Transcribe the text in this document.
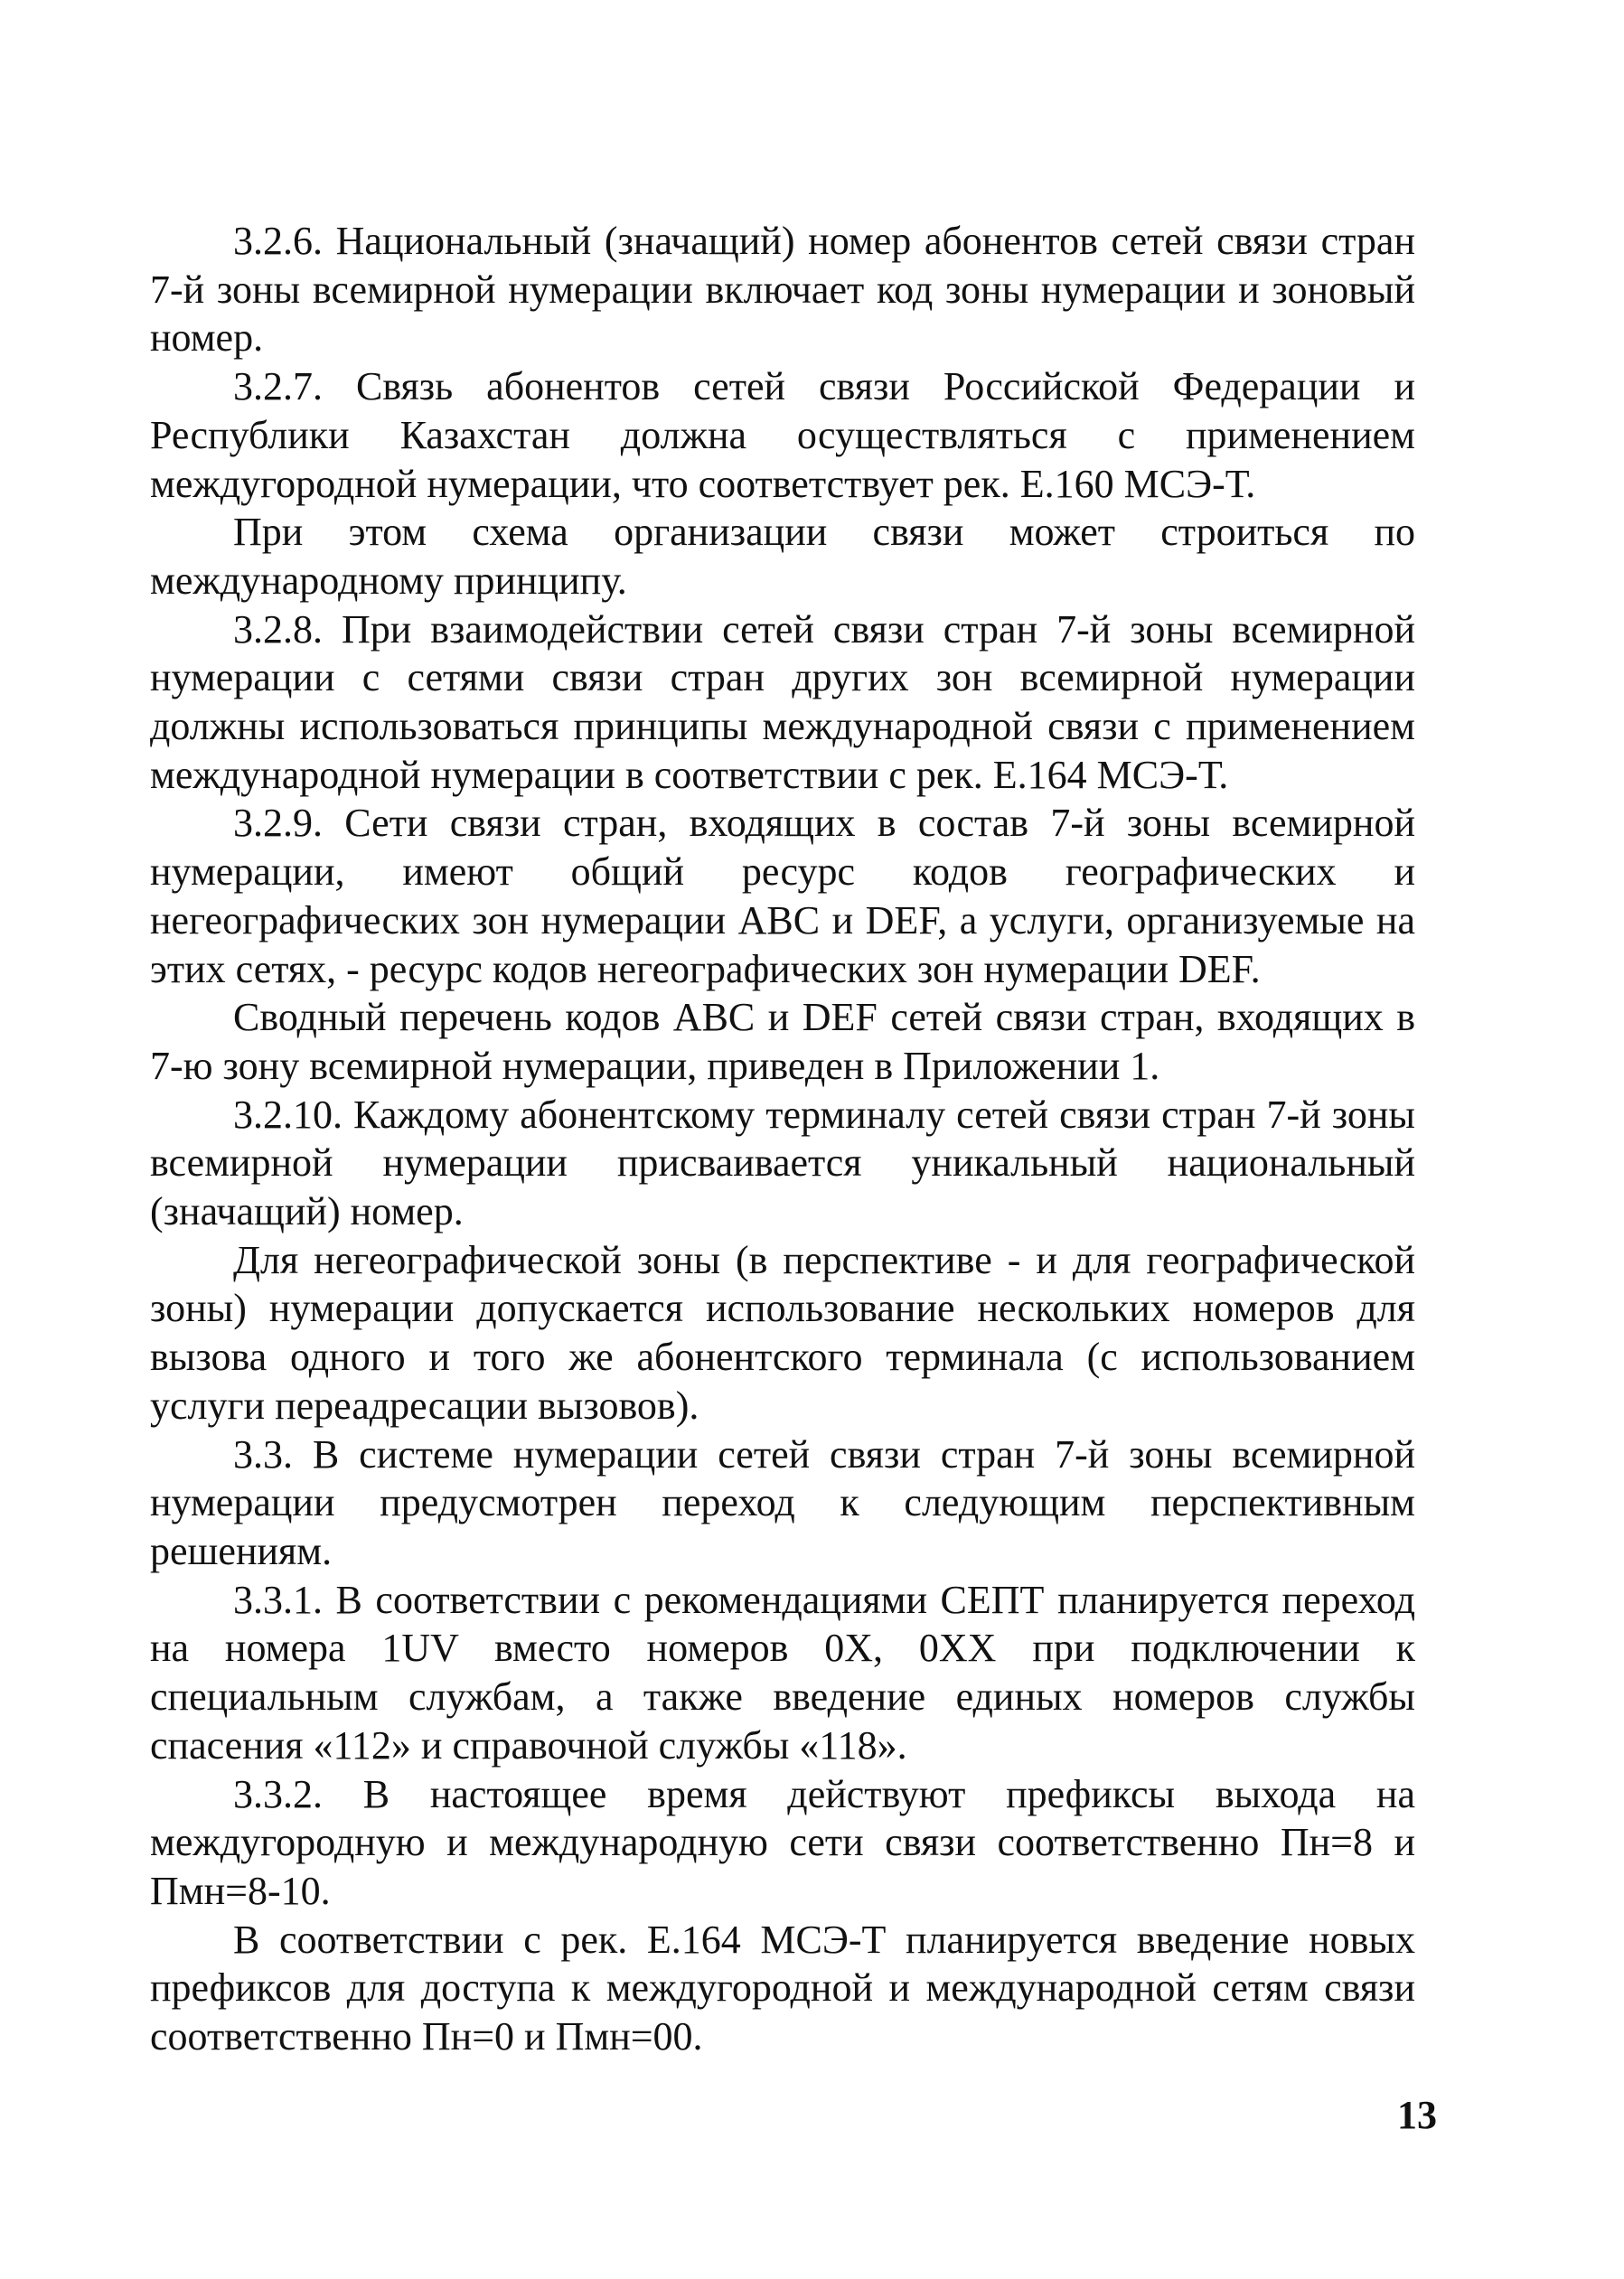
3.2.6. Национальный (значащий) номер абонентов сетей связи стран 7-й зоны всемирной нумерации включает код зоны нумерации и зоновый номер.

3.2.7. Связь абонентов сетей связи Российской Федерации и Республики Казахстан должна осуществляться с применением междугородной нумерации, что соответствует рек. Е.160 МСЭ-Т.

При этом схема организации связи может строиться по международному принципу.

3.2.8. При взаимодействии сетей связи стран 7-й зоны всемирной нумерации с сетями связи стран других зон всемирной нумерации должны использоваться принципы международной связи с применением международной нумерации в соответствии с рек. Е.164 МСЭ-Т.

3.2.9. Сети связи стран, входящих в состав 7-й зоны всемирной нумерации, имеют общий ресурс кодов географических и негеографических зон нумерации ABC и DEF, а услуги, организуемые на этих сетях, - ресурс кодов негеографических зон нумерации DEF.

Сводный перечень кодов ABC и DEF сетей связи стран, входящих в 7-ю зону всемирной нумерации, приведен в Приложении 1.

3.2.10. Каждому абонентскому терминалу сетей связи стран 7-й зоны всемирной нумерации присваивается уникальный национальный (значащий) номер.

Для негеографической зоны (в перспективе - и для географической зоны) нумерации допускается использование нескольких номеров для вызова одного и того же абонентского терминала (с использованием услуги переадресации вызовов).

3.3. В системе нумерации сетей связи стран 7-й зоны всемирной нумерации предусмотрен переход к следующим перспективным решениям.

3.3.1. В соответствии с рекомендациями СЕПТ планируется переход на номера 1UV вместо номеров 0X, 0XX при подключении к специальным службам, а также введение единых номеров службы спасения «112» и справочной службы «118».

3.3.2. В настоящее время действуют префиксы выхода на междугородную и международную сети связи соответственно Пн=8 и Пмн=8-10.

В соответствии с рек. Е.164 МСЭ-Т планируется введение новых префиксов для доступа к междугородной и международной сетям связи соответственно Пн=0 и Пмн=00.

13
